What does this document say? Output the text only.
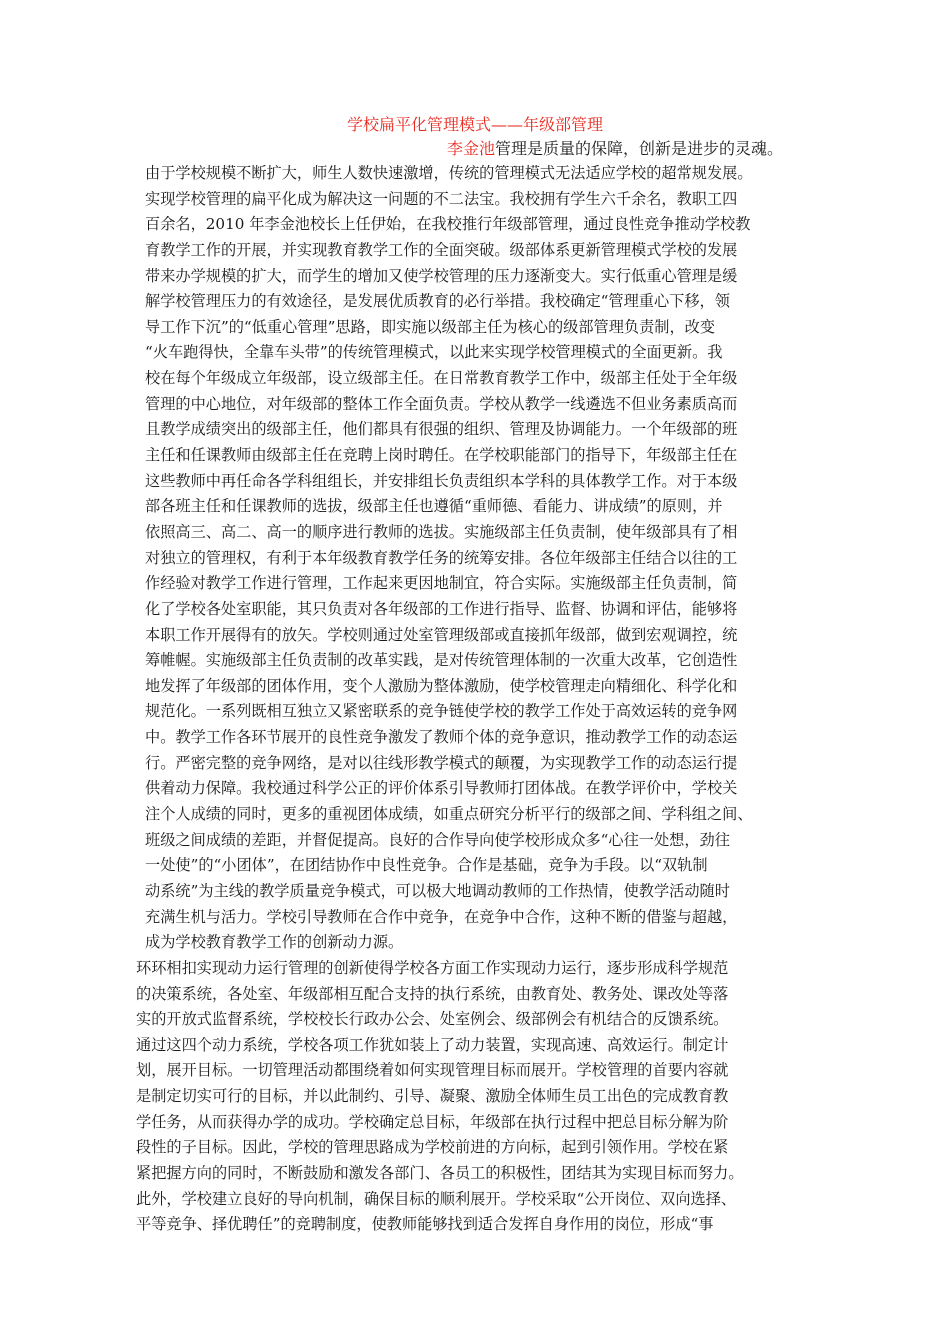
学校扁平化管理模式——年级部管理
李金池管理是质量的保障，创新是进步的灵魂。
由于学校规模不断扩大，师生人数快速激增，传统的管理模式无法适应学校的超常规发展。
实现学校管理的扁平化成为解决这一问题的不二法宝。我校拥有学生六千余名，教职工四
百余名，2010 年李金池校长上任伊始，在我校推行年级部管理，通过良性竞争推动学校教
育教学工作的开展，并实现教育教学工作的全面突破。级部体系更新管理模式学校的发展
带来办学规模的扩大，而学生的增加又使学校管理的压力逐渐变大。实行低重心管理是缓
解学校管理压力的有效途径，是发展优质教育的必行举措。我校确定“管理重心下移，领
导工作下沉”的“低重心管理”思路，即实施以级部主任为核心的级部管理负责制，改变
“火车跑得快，全靠车头带”的传统管理模式，以此来实现学校管理模式的全面更新。我
校在每个年级成立年级部，设立级部主任。在日常教育教学工作中，级部主任处于全年级
管理的中心地位，对年级部的整体工作全面负责。学校从教学一线遴选不但业务素质高而
且教学成绩突出的级部主任，他们都具有很强的组织、管理及协调能力。一个年级部的班
主任和任课教师由级部主任在竞聘上岗时聘任。在学校职能部门的指导下，年级部主任在
这些教师中再任命各学科组组长，并安排组长负责组织本学科的具体教学工作。对于本级
部各班主任和任课教师的选拔，级部主任也遵循“重师德、看能力、讲成绩”的原则，并
依照高三、高二、高一的顺序进行教师的选拔。实施级部主任负责制，使年级部具有了相
对独立的管理权，有利于本年级教育教学任务的统筹安排。各位年级部主任结合以往的工
作经验对教学工作进行管理，工作起来更因地制宜，符合实际。实施级部主任负责制，简
化了学校各处室职能，其只负责对各年级部的工作进行指导、监督、协调和评估，能够将
本职工作开展得有的放矢。学校则通过处室管理级部或直接抓年级部，做到宏观调控，统
筹帷幄。实施级部主任负责制的改革实践，是对传统管理体制的一次重大改革，它创造性
地发挥了年级部的团体作用，变个人激励为整体激励，使学校管理走向精细化、科学化和
规范化。一系列既相互独立又紧密联系的竞争链使学校的教学工作处于高效运转的竞争网
中。教学工作各环节展开的良性竞争激发了教师个体的竞争意识，推动教学工作的动态运
行。严密完整的竞争网络，是对以往线形教学模式的颠覆，为实现教学工作的动态运行提
供着动力保障。我校通过科学公正的评价体系引导教师打团体战。在教学评价中，学校关
注个人成绩的同时，更多的重视团体成绩，如重点研究分析平行的级部之间、学科组之间、
班级之间成绩的差距，并督促提高。良好的合作导向使学校形成众多“心往一处想，劲往
一处使”的“小团体”，在团结协作中良性竞争。合作是基础，竞争为手段。以“双轨制
动系统”为主线的教学质量竞争模式，可以极大地调动教师的工作热情，使教学活动随时
充满生机与活力。学校引导教师在合作中竞争，在竞争中合作，这种不断的借鉴与超越，
成为学校教育教学工作的创新动力源。
环环相扣实现动力运行管理的创新使得学校各方面工作实现动力运行，逐步形成科学规范
的决策系统，各处室、年级部相互配合支持的执行系统，由教育处、教务处、课改处等落
实的开放式监督系统，学校校长行政办公会、处室例会、级部例会有机结合的反馈系统。
通过这四个动力系统，学校各项工作犹如装上了动力装置，实现高速、高效运行。制定计
划，展开目标。一切管理活动都围绕着如何实现管理目标而展开。学校管理的首要内容就
是制定切实可行的目标，并以此制约、引导、凝聚、激励全体师生员工出色的完成教育教
学任务，从而获得办学的成功。学校确定总目标，年级部在执行过程中把总目标分解为阶
段性的子目标。因此，学校的管理思路成为学校前进的方向标，起到引领作用。学校在紧
紧把握方向的同时，不断鼓励和激发各部门、各员工的积极性，团结其为实现目标而努力。
此外，学校建立良好的导向机制，确保目标的顺利展开。学校采取“公开岗位、双向选择、
平等竞争、择优聘任”的竞聘制度，使教师能够找到适合发挥自身作用的岗位，形成“事
